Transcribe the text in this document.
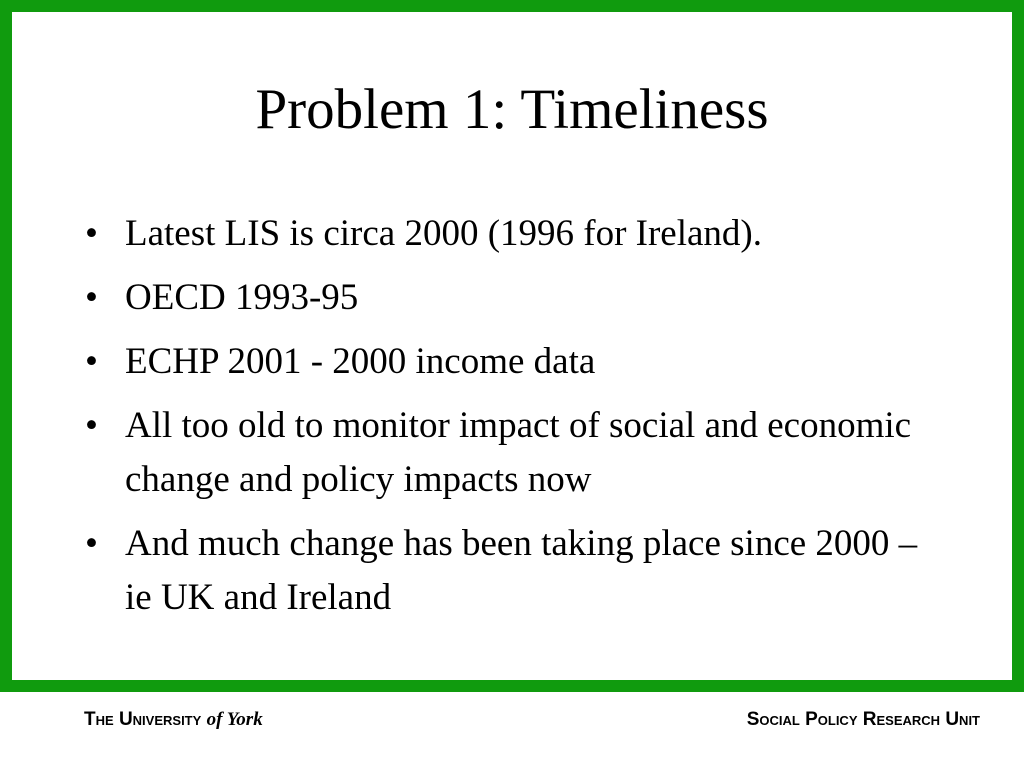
Problem 1: Timeliness
• Latest LIS is circa 2000 (1996 for Ireland).
• OECD 1993-95
• ECHP 2001 - 2000 income data
• All too old to monitor impact of social and economic change and policy impacts now
• And much change has been taking place since 2000 – ie UK and Ireland
The University of York	Social Policy Research Unit
